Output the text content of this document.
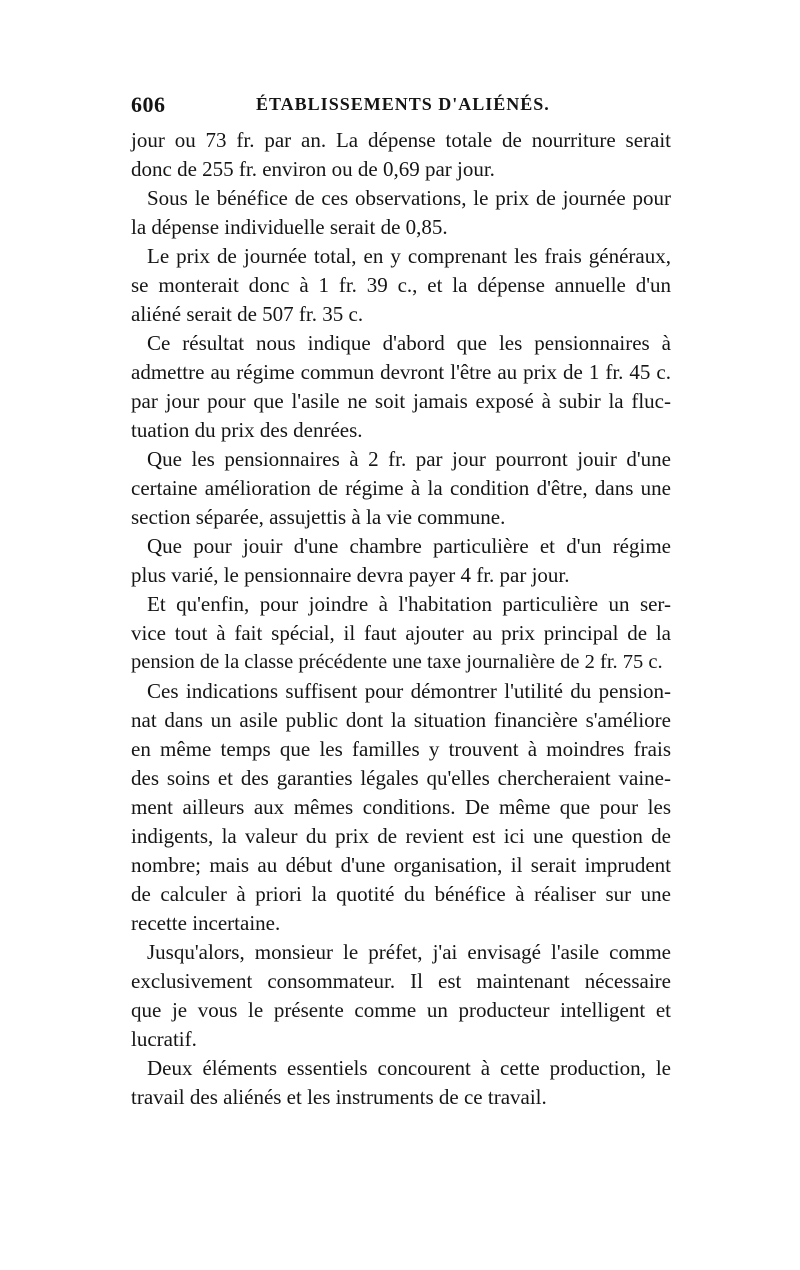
606	ÉTABLISSEMENTS D'ALIÉNÉS.
jour ou 73 fr. par an. La dépense totale de nourriture serait
donc de 255 fr. environ ou de 0,69 par jour.
Sous le bénéfice de ces observations, le prix de journée pour
la dépense individuelle serait de 0,85.
Le prix de journée total, en y comprenant les frais généraux,
se monterait donc à 1 fr. 39 c., et la dépense annuelle d'un
aliéné serait de 507 fr. 35 c.
Ce résultat nous indique d'abord que les pensionnaires à
admettre au régime commun devront l'être au prix de 1 fr. 45 c.
par jour pour que l'asile ne soit jamais exposé à subir la fluc-
tuation du prix des denrées.
Que les pensionnaires à 2 fr. par jour pourront jouir d'une
certaine amélioration de régime à la condition d'être, dans une
section séparée, assujettis à la vie commune.
Que pour jouir d'une chambre particulière et d'un régime
plus varié, le pensionnaire devra payer 4 fr. par jour.
Et qu'enfin, pour joindre à l'habitation particulière un ser-
vice tout à fait spécial, il faut ajouter au prix principal de la
pension de la classe précédente une taxe journalière de 2 fr. 75 c.
Ces indications suffisent pour démontrer l'utilité du pension-
nat dans un asile public dont la situation financière s'améliore
en même temps que les familles y trouvent à moindres frais
des soins et des garanties légales qu'elles chercheraient vaine-
ment ailleurs aux mêmes conditions. De même que pour les
indigents, la valeur du prix de revient est ici une question de
nombre; mais au début d'une organisation, il serait imprudent
de calculer à priori la quotité du bénéfice à réaliser sur une
recette incertaine.
Jusqu'alors, monsieur le préfet, j'ai envisagé l'asile comme
exclusivement consommateur. Il est maintenant nécessaire
que je vous le présente comme un producteur intelligent et
lucratif.
Deux éléments essentiels concourent à cette production, le
travail des aliénés et les instruments de ce travail.
